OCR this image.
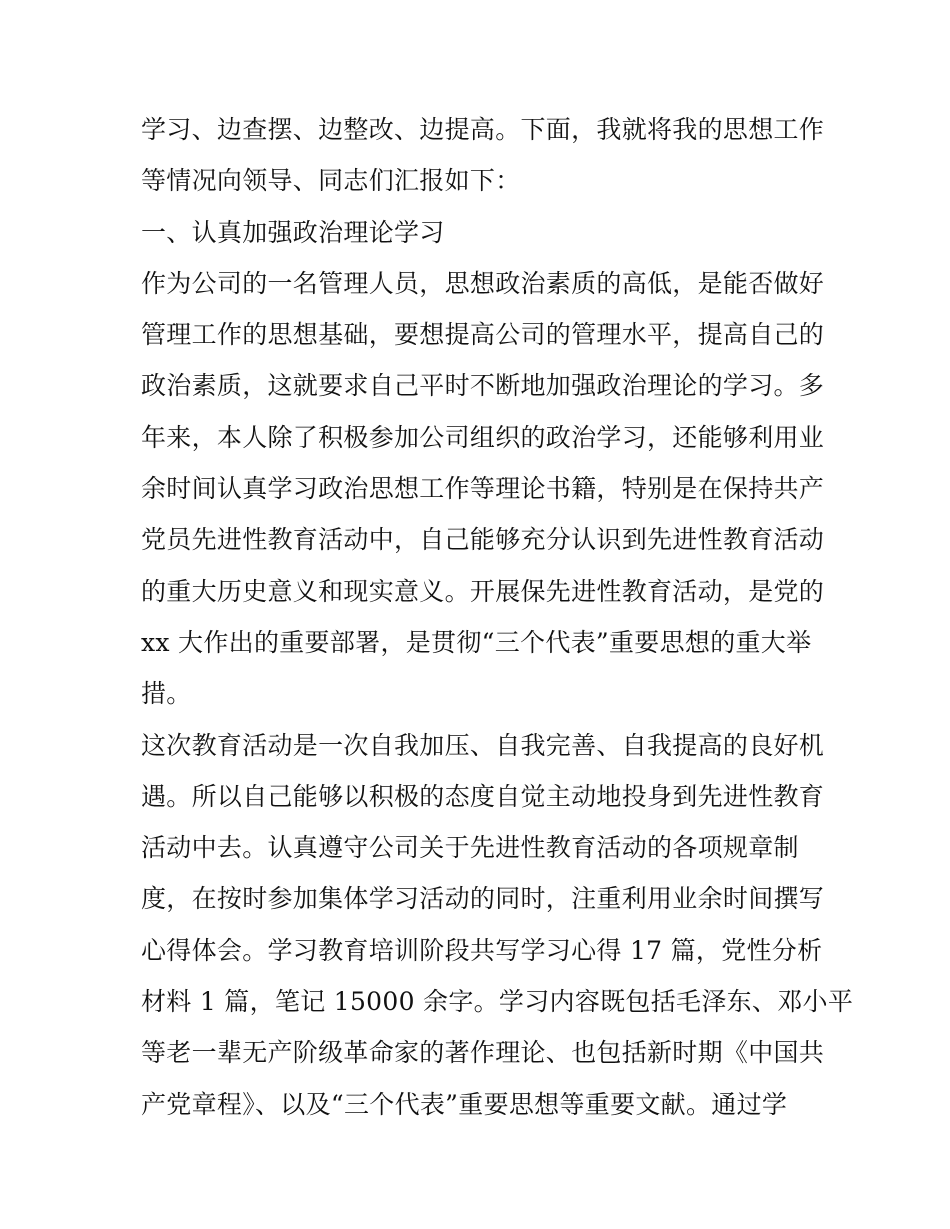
学习、边查摆、边整改、边提高。下面，我就将我的思想工作
等情况向领导、同志们汇报如下：
一、认真加强政治理论学习
作为公司的一名管理人员，思想政治素质的高低，是能否做好
管理工作的思想基础，要想提高公司的管理水平，提高自己的
政治素质，这就要求自己平时不断地加强政治理论的学习。多
年来，本人除了积极参加公司组织的政治学习，还能够利用业
余时间认真学习政治思想工作等理论书籍，特别是在保持共产
党员先进性教育活动中，自己能够充分认识到先进性教育活动
的重大历史意义和现实意义。开展保先进性教育活动，是党的
xx 大作出的重要部署，是贯彻“三个代表”重要思想的重大举
措。
这次教育活动是一次自我加压、自我完善、自我提高的良好机
遇。所以自己能够以积极的态度自觉主动地投身到先进性教育
活动中去。认真遵守公司关于先进性教育活动的各项规章制
度，在按时参加集体学习活动的同时，注重利用业余时间撰写
心得体会。学习教育培训阶段共写学习心得 17 篇，党性分析
材料 1 篇，笔记 15000 余字。学习内容既包括毛泽东、邓小平
等老一辈无产阶级革命家的著作理论、也包括新时期《中国共
产党章程》、以及“三个代表”重要思想等重要文献。通过学
